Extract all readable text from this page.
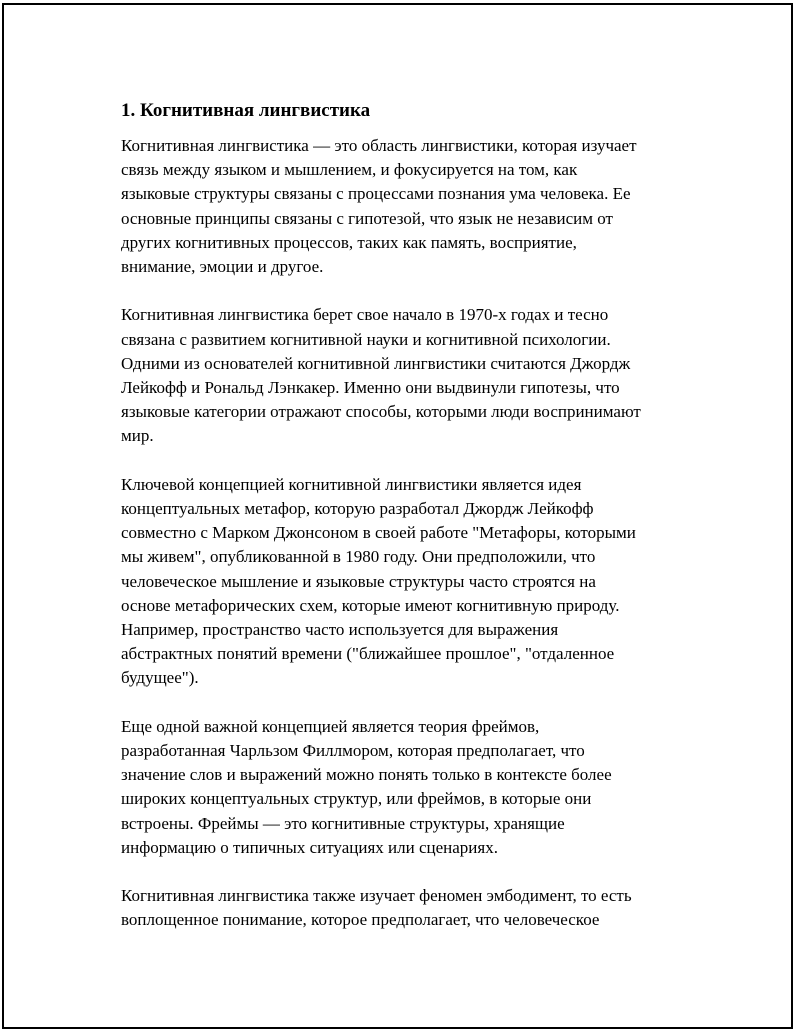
1. Когнитивная лингвистика
Когнитивная лингвистика — это область лингвистики, которая изучает
связь между языком и мышлением, и фокусируется на том, как
языковые структуры связаны с процессами познания ума человека. Ее
основные принципы связаны с гипотезой, что язык не независим от
других когнитивных процессов, таких как память, восприятие,
внимание, эмоции и другое.
Когнитивная лингвистика берет свое начало в 1970-х годах и тесно
связана с развитием когнитивной науки и когнитивной психологии.
Одними из основателей когнитивной лингвистики считаются Джордж
Лейкофф и Рональд Лэнкакер. Именно они выдвинули гипотезы, что
языковые категории отражают способы, которыми люди воспринимают
мир.
Ключевой концепцией когнитивной лингвистики является идея
концептуальных метафор, которую разработал Джордж Лейкофф
совместно с Марком Джонсоном в своей работе "Метафоры, которыми
мы живем", опубликованной в 1980 году. Они предположили, что
человеческое мышление и языковые структуры часто строятся на
основе метафорических схем, которые имеют когнитивную природу.
Например, пространство часто используется для выражения
абстрактных понятий времени ("ближайшее прошлое", "отдаленное
будущее").
Еще одной важной концепцией является теория фреймов,
разработанная Чарльзом Филлмором, которая предполагает, что
значение слов и выражений можно понять только в контексте более
широких концептуальных структур, или фреймов, в которые они
встроены. Фреймы — это когнитивные структуры, хранящие
информацию о типичных ситуациях или сценариях.
Когнитивная лингвистика также изучает феномен эмбодимент, то есть
воплощенное понимание, которое предполагает, что человеческое
